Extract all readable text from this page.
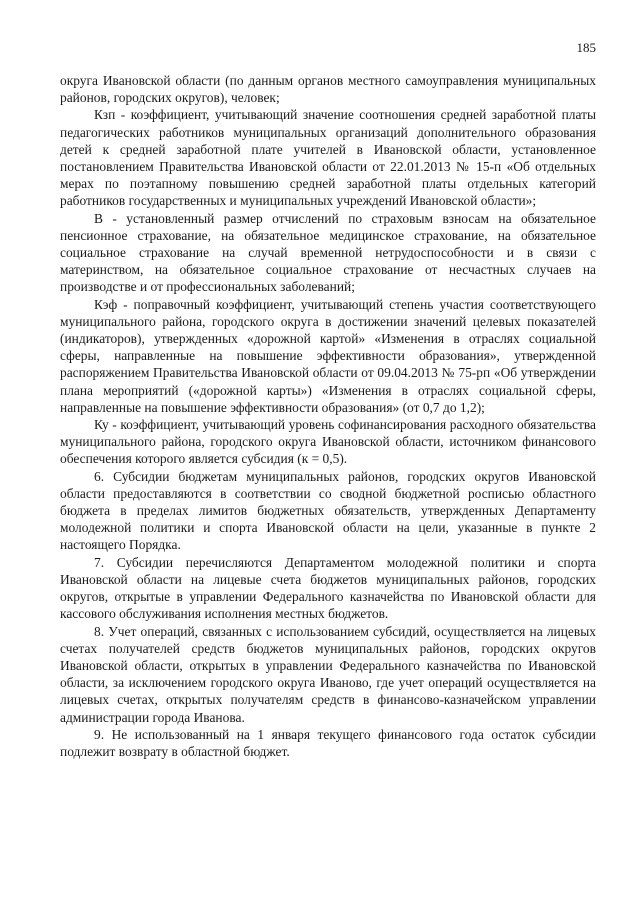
185

округа Ивановской области (по данным органов местного самоуправления муниципальных районов, городских округов), человек;

Кзп - коэффициент, учитывающий значение соотношения средней заработной платы педагогических работников муниципальных организаций дополнительного образования детей к средней заработной плате учителей в Ивановской области, установленное постановлением Правительства Ивановской области от 22.01.2013 № 15-п «Об отдельных мерах по поэтапному повышению средней заработной платы отдельных категорий работников государственных и муниципальных учреждений Ивановской области»;

В - установленный размер отчислений по страховым взносам на обязательное пенсионное страхование, на обязательное медицинское страхование, на обязательное социальное страхование на случай временной нетрудоспособности и в связи с материнством, на обязательное социальное страхование от несчастных случаев на производстве и от профессиональных заболеваний;

Кэф - поправочный коэффициент, учитывающий степень участия соответствующего муниципального района, городского округа в достижении значений целевых показателей (индикаторов), утвержденных «дорожной картой» «Изменения в отраслях социальной сферы, направленные на повышение эффективности образования», утвержденной распоряжением Правительства Ивановской области от 09.04.2013 № 75-рп «Об утверждении плана мероприятий («дорожной карты») «Изменения в отраслях социальной сферы, направленные на повышение эффективности образования» (от 0,7 до 1,2);

Ку - коэффициент, учитывающий уровень софинансирования расходного обязательства муниципального района, городского округа Ивановской области, источником финансового обеспечения которого является субсидия (к = 0,5).

6. Субсидии бюджетам муниципальных районов, городских округов Ивановской области предоставляются в соответствии со сводной бюджетной росписью областного бюджета в пределах лимитов бюджетных обязательств, утвержденных Департаменту молодежной политики и спорта Ивановской области на цели, указанные в пункте 2 настоящего Порядка.

7. Субсидии перечисляются Департаментом молодежной политики и спорта Ивановской области на лицевые счета бюджетов муниципальных районов, городских округов, открытые в управлении Федерального казначейства по Ивановской области для кассового обслуживания исполнения местных бюджетов.

8. Учет операций, связанных с использованием субсидий, осуществляется на лицевых счетах получателей средств бюджетов муниципальных районов, городских округов Ивановской области, открытых в управлении Федерального казначейства по Ивановской области, за исключением городского округа Иваново, где учет операций осуществляется на лицевых счетах, открытых получателям средств в финансово-казначейском управлении администрации города Иванова.

9. Не использованный на 1 января текущего финансового года остаток субсидии подлежит возврату в областной бюджет.
